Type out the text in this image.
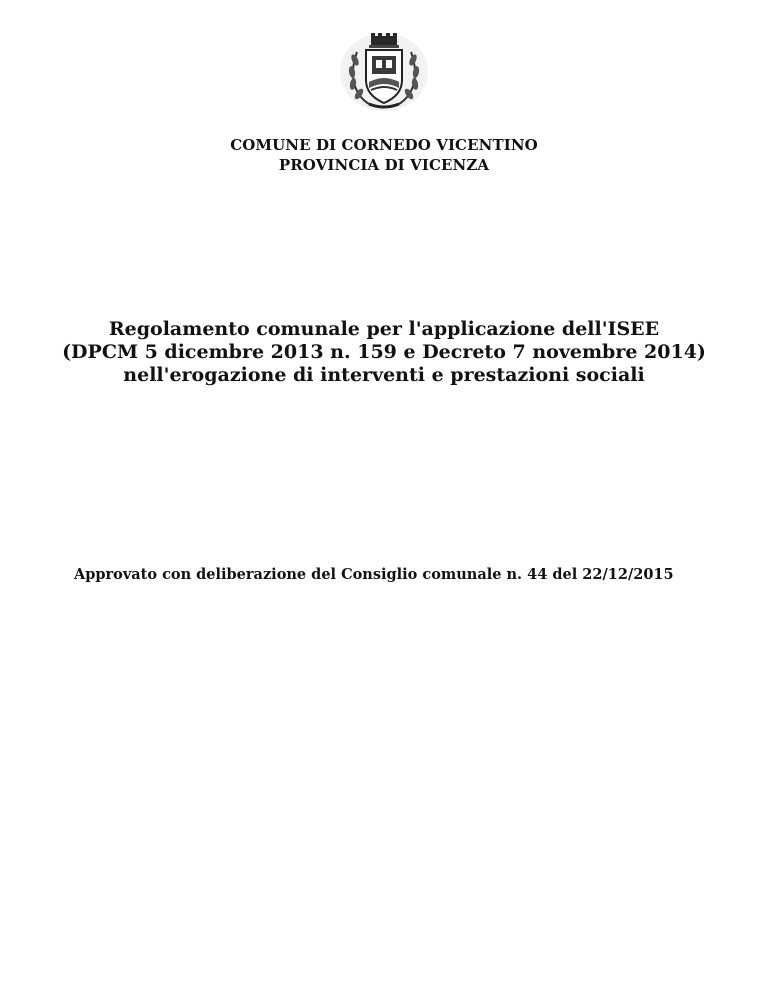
COMUNE DI CORNEDO VICENTINO
PROVINCIA DI VICENZA
Regolamento comunale per l'applicazione dell'ISEE
(DPCM 5 dicembre 2013 n. 159 e Decreto 7 novembre 2014)
nell'erogazione di interventi e prestazioni sociali
Approvato con deliberazione del Consiglio comunale n. 44 del 22/12/2015
